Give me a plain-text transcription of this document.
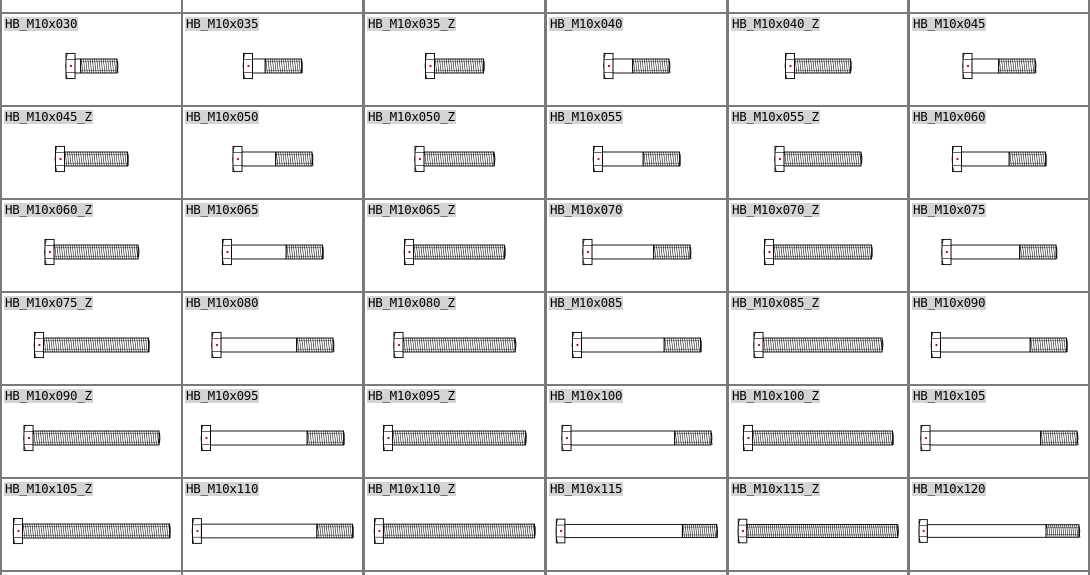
HB_M10x030	HB_M10x035	HB_M10x035_Z	HB_M10x040	HB_M10x040_Z	HB_M10x045
HB_M10x045_Z	HB_M10x050	HB_M10x050_Z	HB_M10x055	HB_M10x055_Z	HB_M10x060
HB_M10x060_Z	HB_M10x065	HB_M10x065_Z	HB_M10x070	HB_M10x070_Z	HB_M10x075
HB_M10x075_Z	HB_M10x080	HB_M10x080_Z	HB_M10x085	HB_M10x085_Z	HB_M10x090
HB_M10x090_Z	HB_M10x095	HB_M10x095_Z	HB_M10x100	HB_M10x100_Z	HB_M10x105
HB_M10x105_Z	HB_M10x110	HB_M10x110_Z	HB_M10x115	HB_M10x115_Z	HB_M10x120
